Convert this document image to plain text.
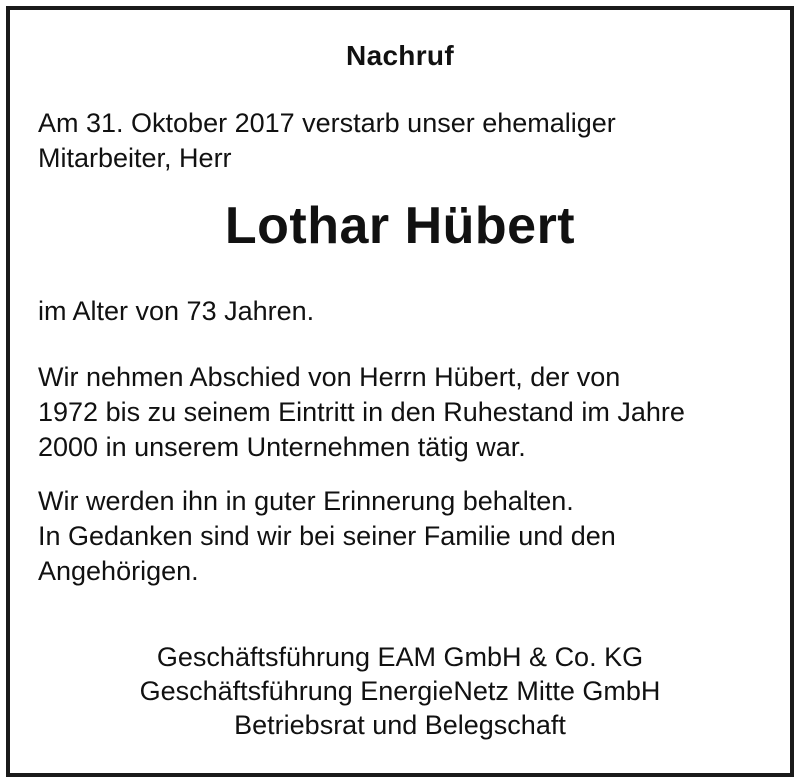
Nachruf
Am 31. Oktober 2017 verstarb unser ehemaliger
Mitarbeiter, Herr
Lothar Hübert
im Alter von 73 Jahren.
Wir nehmen Abschied von Herrn Hübert, der von
1972 bis zu seinem Eintritt in den Ruhestand im Jahre
2000 in unserem Unternehmen tätig war.
Wir werden ihn in guter Erinnerung behalten.
In Gedanken sind wir bei seiner Familie und den
Angehörigen.
Geschäftsführung EAM GmbH & Co. KG
Geschäftsführung EnergieNetz Mitte GmbH
Betriebsrat und Belegschaft
